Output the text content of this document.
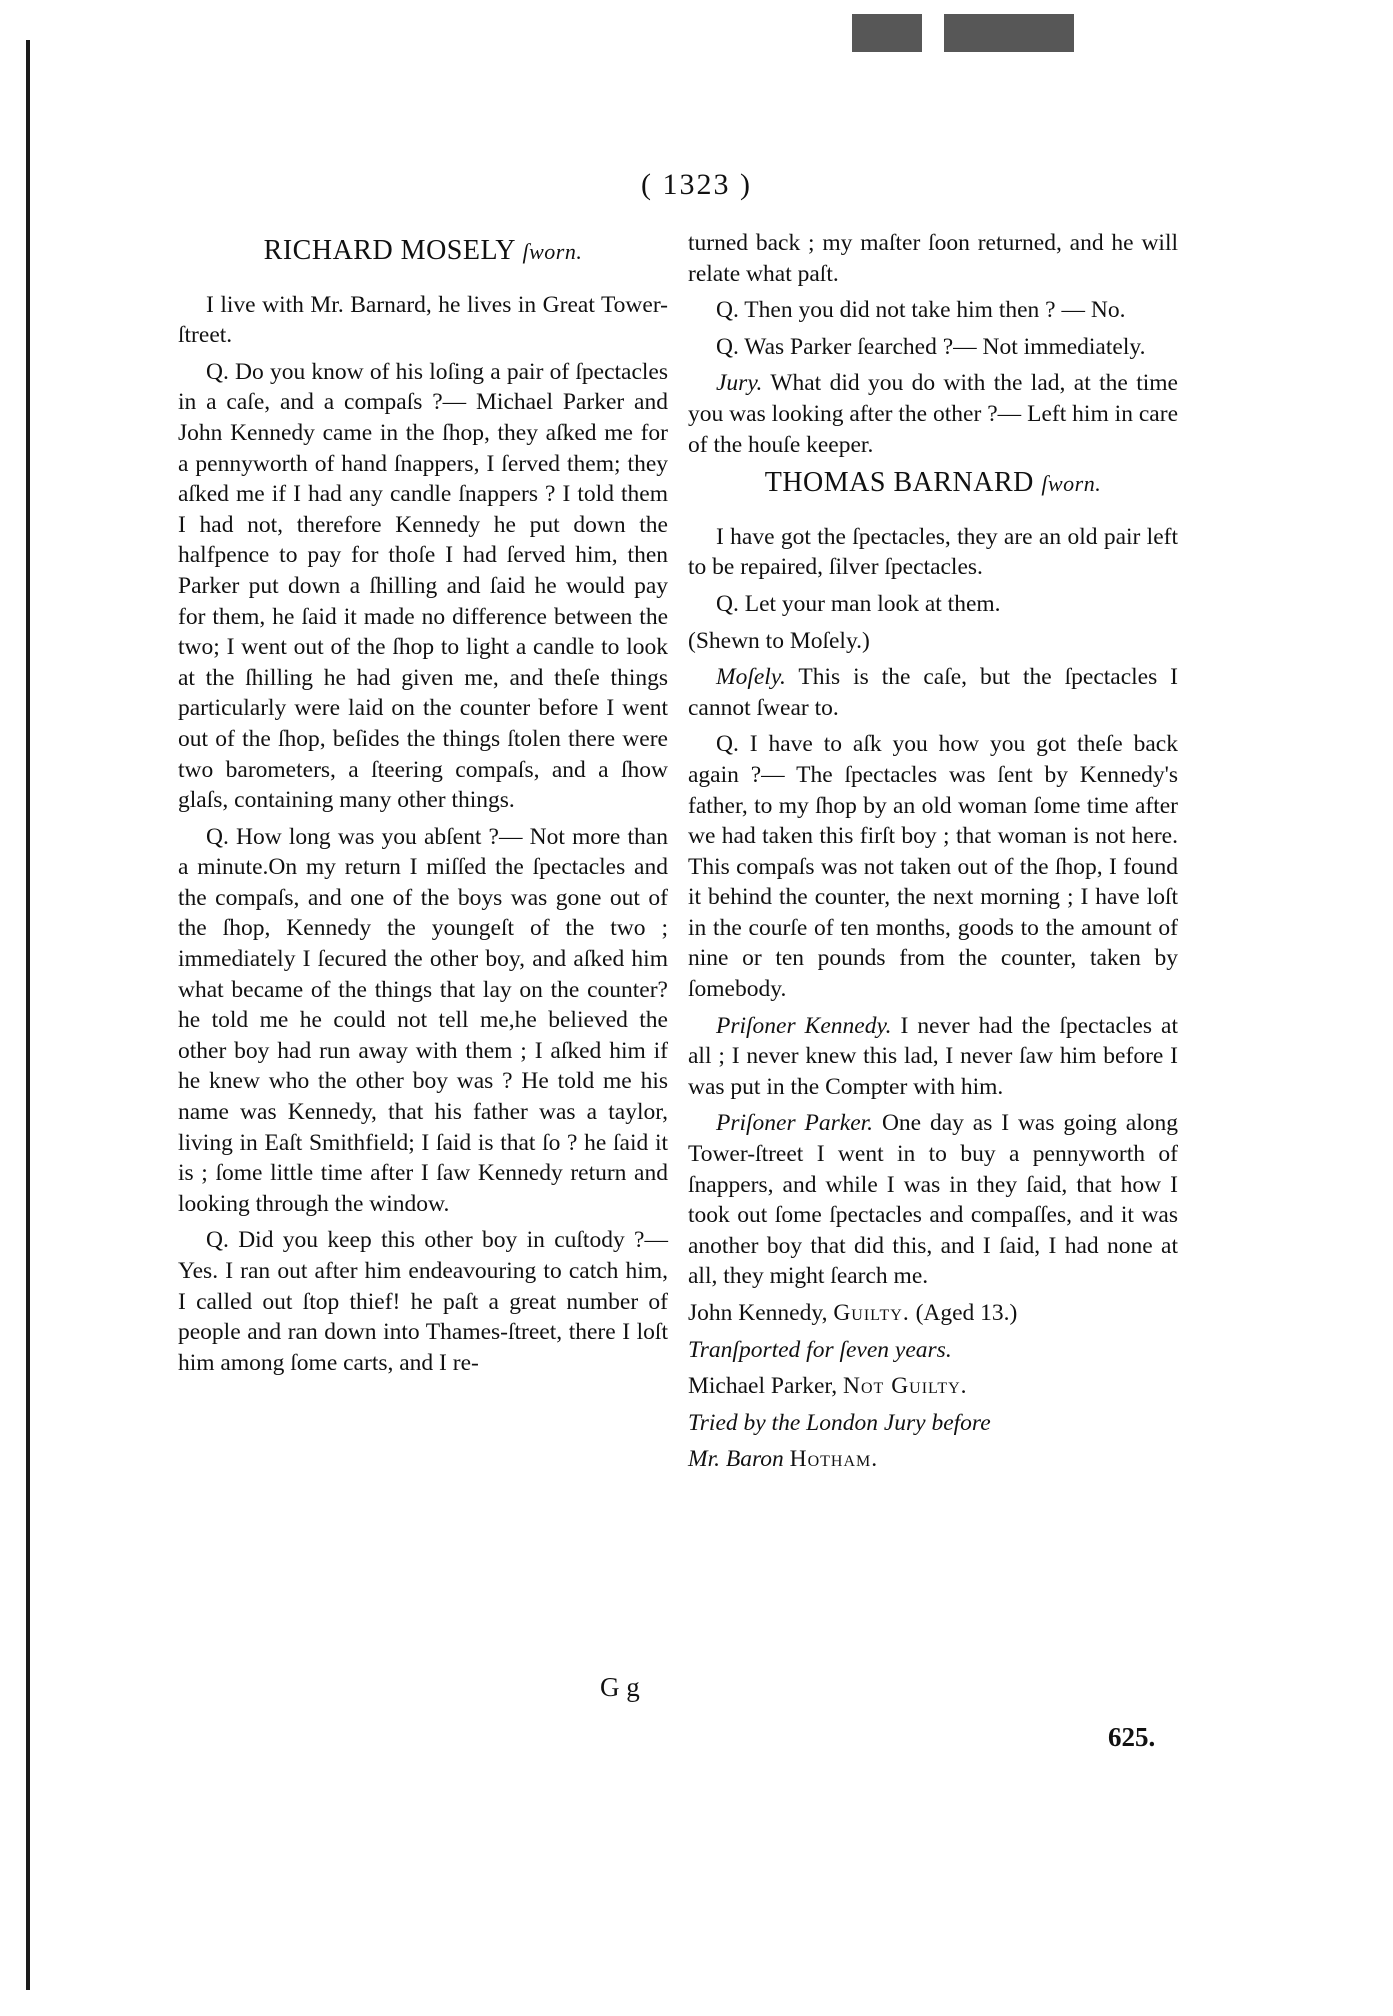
( 1323 )
RICHARD MOSELY ſworn.

I live with Mr. Barnard, he lives in Great Tower-ſtreet.

Q. Do you know of his loſing a pair of ſpectacles in a caſe, and a compaſs ?— Michael Parker and John Kennedy came in the ſhop, they aſked me for a pennyworth of hand ſnappers, I ſerved them; they aſked me if I had any candle ſnappers ? I told them I had not, therefore Kennedy he put down the halfpence to pay for thoſe I had ſerved him, then Parker put down a ſhilling and ſaid he would pay for them, he ſaid it made no difference between the two; I went out of the ſhop to light a candle to look at the ſhilling he had given me, and theſe things particularly were laid on the counter before I went out of the ſhop, beſides the things ſtolen there were two barometers, a ſteering compaſs, and a ſhow glaſs, containing many other things.

Q. How long was you abſent ?— Not more than a minute.On my return I miſſed the ſpectacles and the compaſs, and one of the boys was gone out of the ſhop, Kennedy the youngeſt of the two ; immediately I ſecured the other boy, and aſked him what became of the things that lay on the counter? he told me he could not tell me,he believed the other boy had run away with them ; I aſked him if he knew who the other boy was ? He told me his name was Kennedy, that his father was a taylor, living in Eaſt Smithfield; I ſaid is that ſo ? he ſaid it is ; ſome little time after I ſaw Kennedy return and looking through the window.

Q. Did you keep this other boy in cuſtody ?—Yes. I ran out after him endeavouring to catch him, I called out ſtop thief! he paſt a great number of people and ran down into Thames-ſtreet, there I loſt him among ſome carts, and I re-

turned back ; my maſter ſoon returned, and he will relate what paſt.

Q. Then you did not take him then ? — No.

Q. Was Parker ſearched ?— Not immediately.

Jury. What did you do with the lad, at the time you was looking after the other ?— Left him in care of the houſe keeper.

THOMAS BARNARD ſworn.

I have got the ſpectacles, they are an old pair left to be repaired, ſilver ſpectacles.

Q. Let your man look at them.

(Shewn to Moſely.)

Moſely. This is the caſe, but the ſpectacles I cannot ſwear to.

Q. I have to aſk you how you got theſe back again ?— The ſpectacles was ſent by Kennedy's father, to my ſhop by an old woman ſome time after we had taken this firſt boy ; that woman is not here. This compaſs was not taken out of the ſhop, I found it behind the counter, the next morning ; I have loſt in the courſe of ten months, goods to the amount of nine or ten pounds from the counter, taken by ſomebody.

Priſoner Kennedy. I never had the ſpectacles at all ; I never knew this lad, I never ſaw him before I was put in the Compter with him.

Priſoner Parker. One day as I was going along Tower-ſtreet I went in to buy a pennyworth of ſnappers, and while I was in they ſaid, that how I took out ſome ſpectacles and compaſſes, and it was another boy that did this, and I ſaid, I had none at all, they might ſearch me.

John Kennedy, Guilty. (Aged 13.)

Tranſported for ſeven years.

Michael Parker, Not Guilty.

Tried by the London Jury before

Mr. Baron Hotham.

G g
625.
